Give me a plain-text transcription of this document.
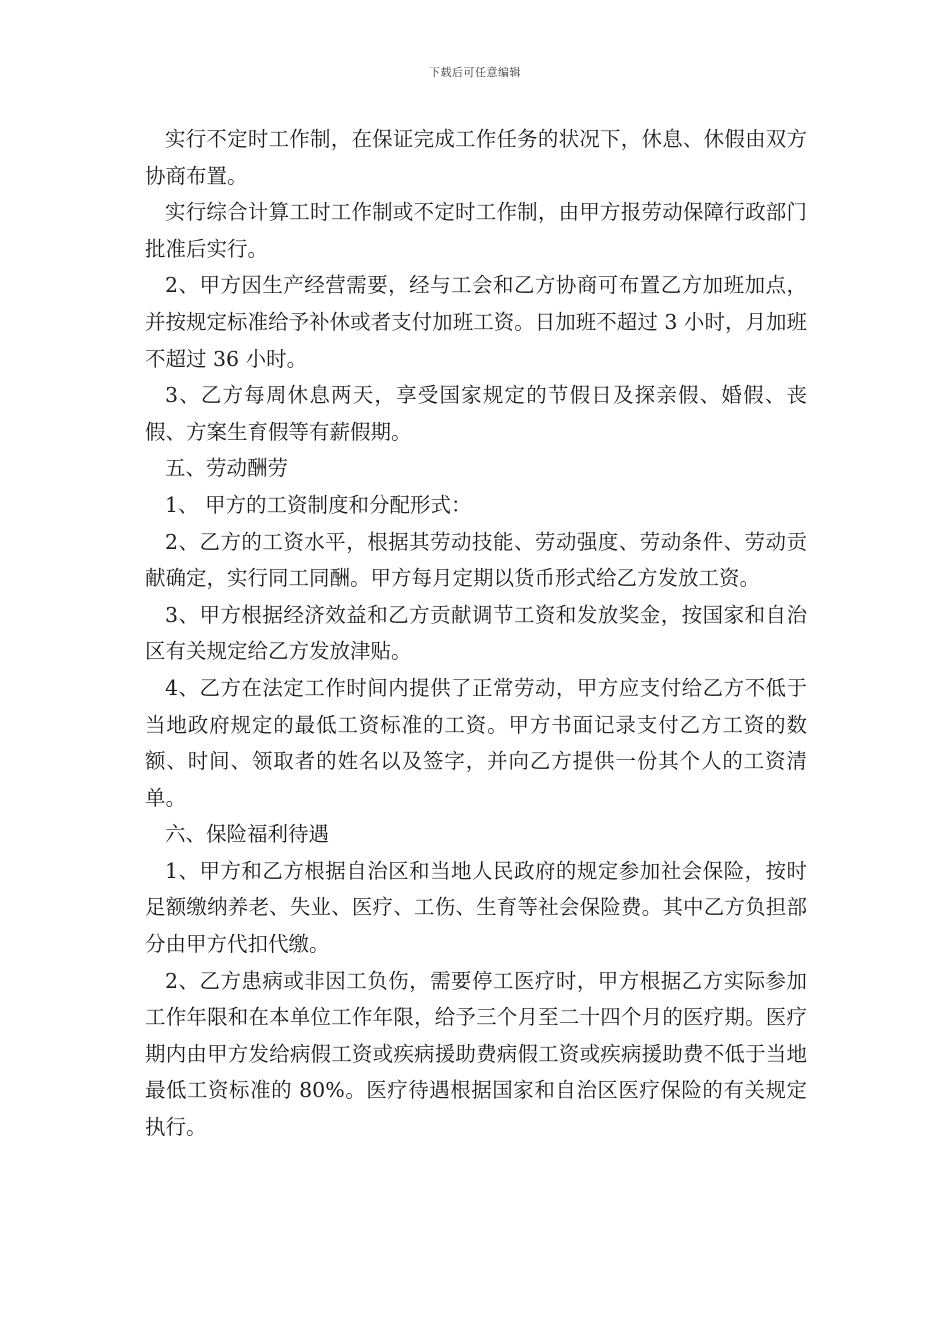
下载后可任意编辑

实行不定时工作制，在保证完成工作任务的状况下，休息、休假由双方协商布置。

实行综合计算工时工作制或不定时工作制，由甲方报劳动保障行政部门批准后实行。

2、甲方因生产经营需要，经与工会和乙方协商可布置乙方加班加点，并按规定标准给予补休或者支付加班工资。日加班不超过 3 小时，月加班不超过 36 小时。

3、乙方每周休息两天，享受国家规定的节假日及探亲假、婚假、丧假、方案生育假等有薪假期。

五、劳动酬劳

1、 甲方的工资制度和分配形式：

2、乙方的工资水平，根据其劳动技能、劳动强度、劳动条件、劳动贡献确定，实行同工同酬。甲方每月定期以货币形式给乙方发放工资。

3、甲方根据经济效益和乙方贡献调节工资和发放奖金，按国家和自治区有关规定给乙方发放津贴。

4、乙方在法定工作时间内提供了正常劳动，甲方应支付给乙方不低于当地政府规定的最低工资标准的工资。甲方书面记录支付乙方工资的数额、时间、领取者的姓名以及签字，并向乙方提供一份其个人的工资清单。

六、保险福利待遇

1、甲方和乙方根据自治区和当地人民政府的规定参加社会保险，按时足额缴纳养老、失业、医疗、工伤、生育等社会保险费。其中乙方负担部分由甲方代扣代缴。

2、乙方患病或非因工负伤，需要停工医疗时，甲方根据乙方实际参加工作年限和在本单位工作年限，给予三个月至二十四个月的医疗期。医疗期内由甲方发给病假工资或疾病援助费病假工资或疾病援助费不低于当地最低工资标准的 80%。医疗待遇根据国家和自治区医疗保险的有关规定执行。
